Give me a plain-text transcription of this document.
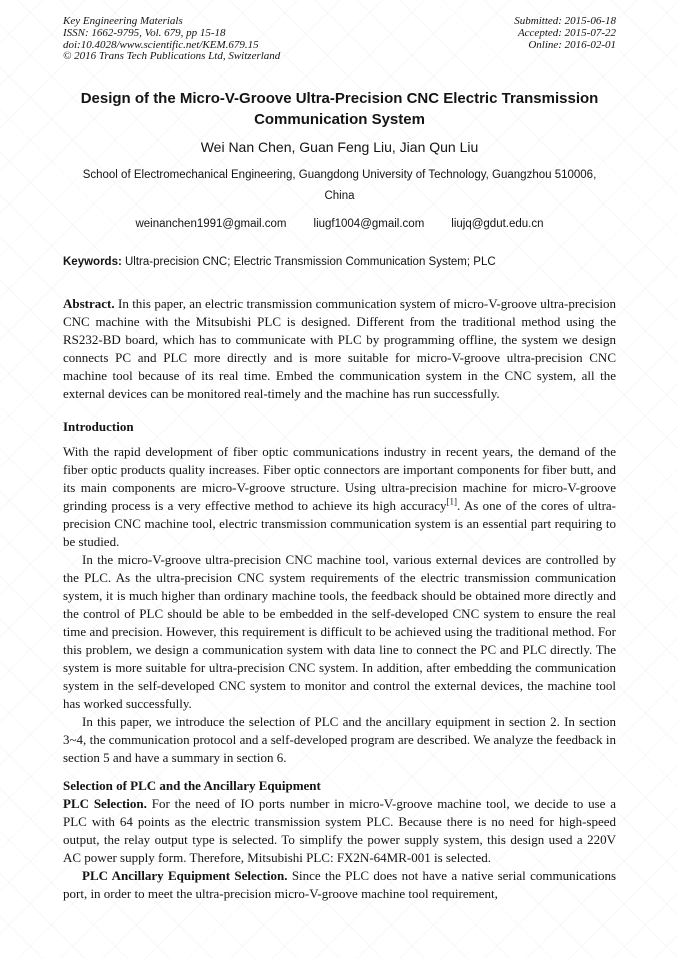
Key Engineering Materials
ISSN: 1662-9795, Vol. 679, pp 15-18
doi:10.4028/www.scientific.net/KEM.679.15
© 2016 Trans Tech Publications Ltd, Switzerland
Submitted: 2015-06-18
Accepted: 2015-07-22
Online: 2016-02-01
Design of the Micro-V-Groove Ultra-Precision CNC Electric Transmission Communication System
Wei Nan Chen, Guan Feng Liu, Jian Qun Liu
School of Electromechanical Engineering, Guangdong University of Technology, Guangzhou 510006, China
weinanchen1991@gmail.com liugf1004@gmail.com liujq@gdut.edu.cn

Keywords: Ultra-precision CNC; Electric Transmission Communication System; PLC

Abstract. In this paper, an electric transmission communication system of micro-V-groove ultra-precision CNC machine with the Mitsubishi PLC is designed. Different from the traditional method using the RS232-BD board, which has to communicate with PLC by programming offline, the system we design connects PC and PLC more directly and is more suitable for micro-V-groove ultra-precision CNC machine tool because of its real time. Embed the communication system in the CNC system, all the external devices can be monitored real-timely and the machine has run successfully.

Introduction

With the rapid development of fiber optic communications industry in recent years, the demand of the fiber optic products quality increases. Fiber optic connectors are important components for fiber butt, and its main components are micro-V-groove structure. Using ultra-precision machine for micro-V-groove grinding process is a very effective method to achieve its high accuracy[1]. As one of the cores of ultra-precision CNC machine tool, electric transmission communication system is an essential part requiring to be studied.

In the micro-V-groove ultra-precision CNC machine tool, various external devices are controlled by the PLC. As the ultra-precision CNC system requirements of the electric transmission communication system, it is much higher than ordinary machine tools, the feedback should be obtained more directly and the control of PLC should be able to be embedded in the self-developed CNC system to ensure the real time and precision. However, this requirement is difficult to be achieved using the traditional method. For this problem, we design a communication system with data line to connect the PC and PLC directly. The system is more suitable for ultra-precision CNC system. In addition, after embedding the communication system in the self-developed CNC system to monitor and control the external devices, the machine tool has worked successfully.

In this paper, we introduce the selection of PLC and the ancillary equipment in section 2. In section 3~4, the communication protocol and a self-developed program are described. We analyze the feedback in section 5 and have a summary in section 6.

Selection of PLC and the Ancillary Equipment

PLC Selection. For the need of IO ports number in micro-V-groove machine tool, we decide to use a PLC with 64 points as the electric transmission system PLC. Because there is no need for high-speed output, the relay output type is selected. To simplify the power supply system, this design used a 220V AC power supply form. Therefore, Mitsubishi PLC: FX2N-64MR-001 is selected.

PLC Ancillary Equipment Selection. Since the PLC does not have a native serial communications port, in order to meet the ultra-precision micro-V-groove machine tool requirement,
